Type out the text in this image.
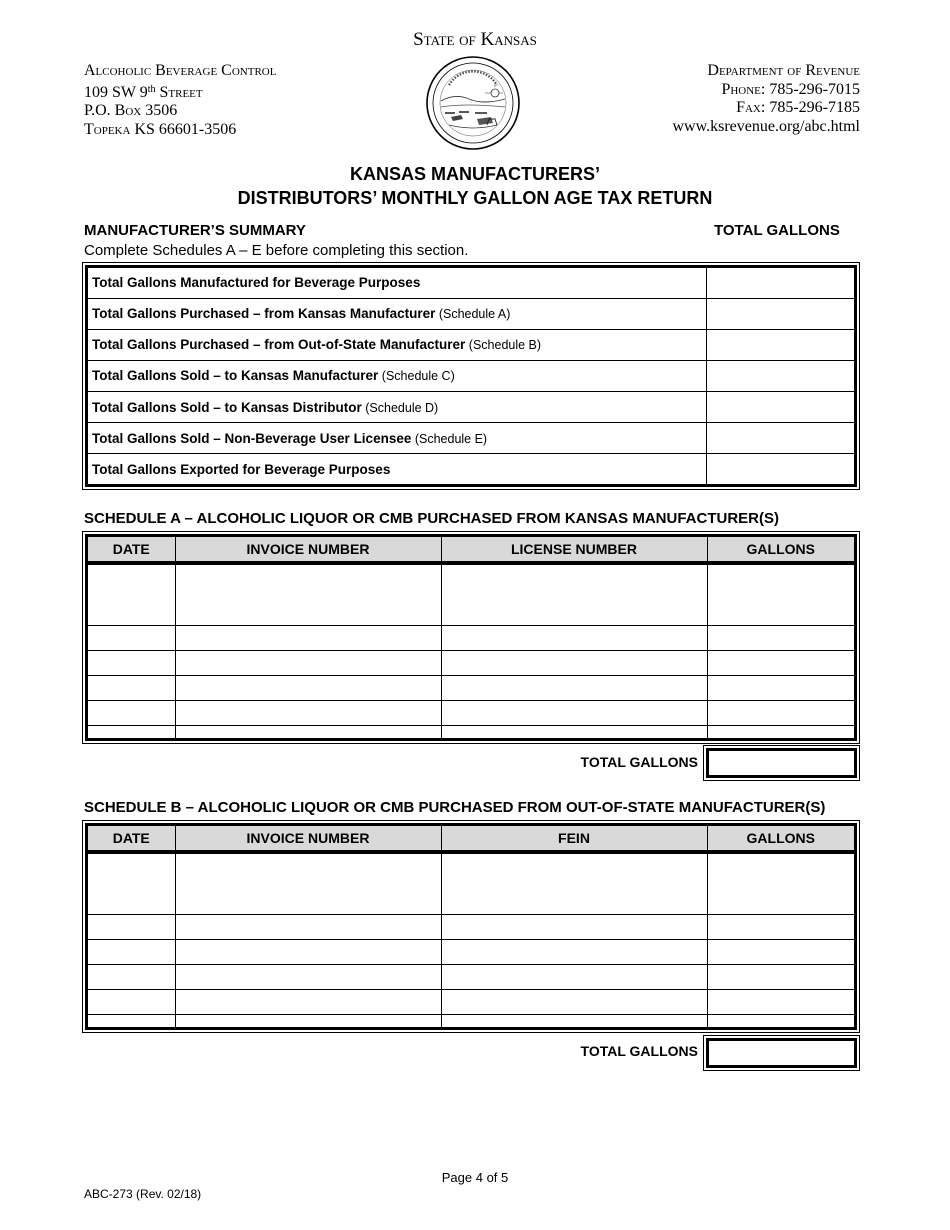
State of Kansas
Alcoholic Beverage Control
109 SW 9th Street
P.O. Box 3506
Topeka KS 66601-3506
Department of Revenue
Phone: 785-296-7015
Fax: 785-296-7185
www.ksrevenue.org/abc.html
KANSAS MANUFACTURERS’
DISTRIBUTORS’ MONTHLY GALLON AGE TAX RETURN
MANUFACTURER’S SUMMARY	TOTAL GALLONS
Complete Schedules A – E before completing this section.
Total Gallons Manufactured for Beverage Purposes	
Total Gallons Purchased – from Kansas Manufacturer (Schedule A)	
Total Gallons Purchased – from Out-of-State Manufacturer (Schedule B)	
Total Gallons Sold – to Kansas Manufacturer (Schedule C)	
Total Gallons Sold – to Kansas Distributor (Schedule D)	
Total Gallons Sold – Non-Beverage User Licensee (Schedule E)	
Total Gallons Exported for Beverage Purposes	
SCHEDULE A – ALCOHOLIC LIQUOR OR CMB PURCHASED FROM KANSAS MANUFACTURER(S)
DATE	INVOICE NUMBER	LICENSE NUMBER	GALLONS

TOTAL GALLONS
SCHEDULE B – ALCOHOLIC LIQUOR OR CMB PURCHASED FROM OUT-OF-STATE MANUFACTURER(S)
DATE	INVOICE NUMBER	FEIN	GALLONS

TOTAL GALLONS
Page 4 of 5
ABC-273 (Rev. 02/18)
